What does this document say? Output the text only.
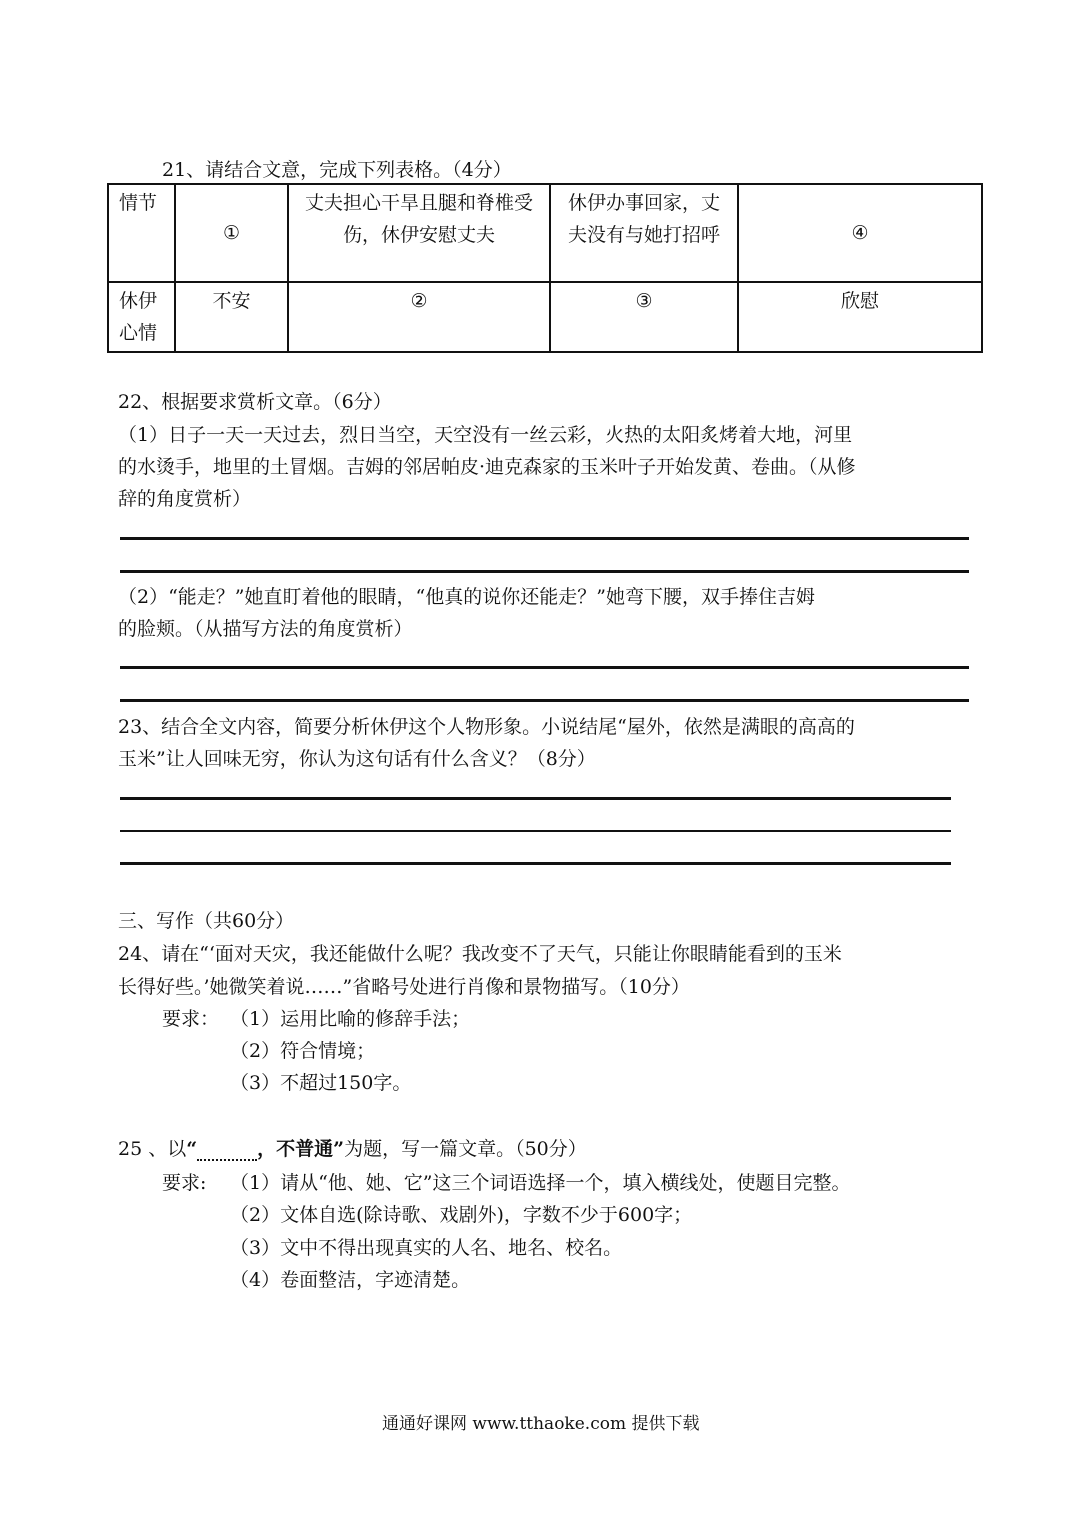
21、请结合文意，完成下列表格。（4分）
情节	①	丈夫担心干旱且腿和脊椎受伤，休伊安慰丈夫	休伊办事回家，丈夫没有与她打招呼	④
休伊心情	不安	②	③	欣慰
22、根据要求赏析文章。（6分）
（1）日子一天一天过去，烈日当空，天空没有一丝云彩，火热的太阳炙烤着大地，河里
的水烫手，地里的土冒烟。吉姆的邻居帕皮·迪克森家的玉米叶子开始发黄、卷曲。（从修
辞的角度赏析）
（2）“能走？”她直盯着他的眼睛，“他真的说你还能走？”她弯下腰，双手捧住吉姆
的脸颊。（从描写方法的角度赏析）
23、结合全文内容，简要分析休伊这个人物形象。小说结尾“屋外，依然是满眼的高高的
玉米”让人回味无穷，你认为这句话有什么含义？（8分）
三、写作（共60分）
24、请在“‘面对天灾，我还能做什么呢？我改变不了天气，只能让你眼睛能看到的玉米
长得好些。’她微笑着说……”省略号处进行肖像和景物描写。（10分）
要求： （1）运用比喻的修辞手法；
（2）符合情境；
（3）不超过150字。
25 、以“	，不普通”为题，写一篇文章。（50分）
要求: （1）请从“他、她、它”这三个词语选择一个，填入横线处，使题目完整。
（2）文体自选(除诗歌、戏剧外)，字数不少于600字；
（3）文中不得出现真实的人名、地名、校名。
（4）卷面整洁，字迹清楚。
通通好课网 www.tthaoke.com 提供下载
